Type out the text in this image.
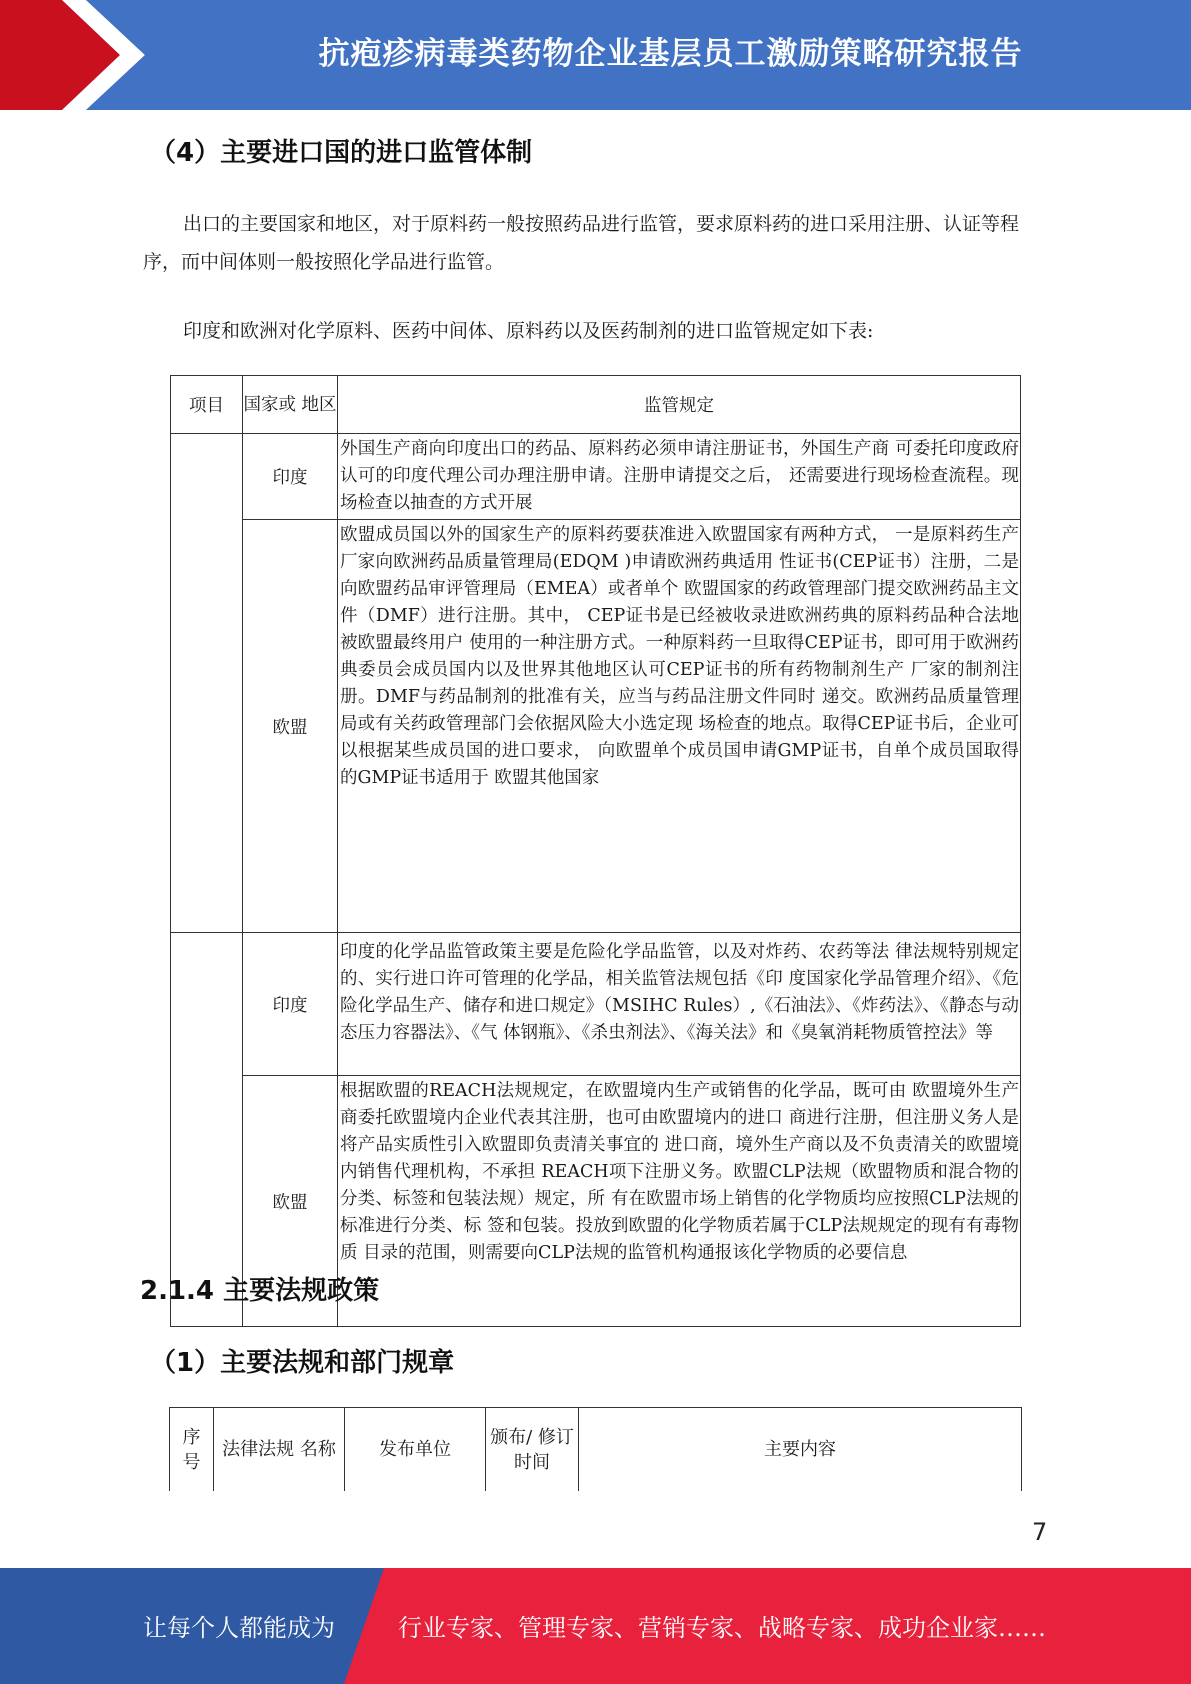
抗疱疹病毒类药物企业基层员工激励策略研究报告
（4）主要进口国的进口监管体制

出口的主要国家和地区，对于原料药一般按照药品进行监管，要求原料药的进口采用注册、认证等程序，而中间体则一般按照化学品进行监管。

印度和欧洲对化学原料、医药中间体、原料药以及医药制剂的进口监管规定如下表:

项目	国家或 地区	监管规定
	印度	外国生产商向印度出口的药品、原料药必须申请注册证书，外国生产商 可委托印度政府认可的印度代理公司办理注册申请。注册申请提交之后， 还需要进行现场检查流程。现场检查以抽查的方式开展
	欧盟	欧盟成员国以外的国家生产的原料药要获准进入欧盟国家有两种方式， 一是原料药生产厂家向欧洲药品质量管理局(EDQM )申请欧洲药典适用 性证书(CEP证书）注册，二是向欧盟药品审评管理局（EMEA）或者单个 欧盟国家的药政管理部门提交欧洲药品主文件（DMF）进行注册。其中， CEP证书是已经被收录进欧洲药典的原料药品种合法地被欧盟最终用户 使用的一种注册方式。一种原料药一旦取得CEP证书，即可用于欧洲药 典委员会成员国内以及世界其他地区认可CEP证书的所有药物制剂生产 厂家的制剂注册。DMF与药品制剂的批准有关，应当与药品注册文件同时 递交。欧洲药品质量管理局或有关药政管理部门会依据风险大小选定现 场检查的地点。取得CEP证书后，企业可以根据某些成员国的进口要求， 向欧盟单个成员国申请GMP证书，自单个成员国取得的GMP证书适用于 欧盟其他国家
	印度	印度的化学品监管政策主要是危险化学品监管，以及对炸药、农药等法 律法规特别规定的、实行进口许可管理的化学品，相关监管法规包括《印 度国家化学品管理介绍》、《危险化学品生产、储存和进口规定》（MSIHC Rules）,《石油法》、《炸药法》、《静态与动态压力容器法》、《气 体钢瓶》、《杀虫剂法》、《海关法》和《臭氧消耗物质管控法》等
	欧盟	根据欧盟的REACH法规规定，在欧盟境内生产或销售的化学品，既可由 欧盟境外生产商委托欧盟境内企业代表其注册，也可由欧盟境内的进口 商进行注册，但注册义务人是将产品实质性引入欧盟即负责清关事宜的 进口商，境外生产商以及不负责清关的欧盟境内销售代理机构，不承担 REACH项下注册义务。欧盟CLP法规（欧盟物质和混合物的分类、标签和包装法规）规定，所 有在欧盟市场上销售的化学物质均应按照CLP法规的标准进行分类、标 签和包装。投放到欧盟的化学物质若属于CLP法规规定的现有有毒物质 目录的范围，则需要向CLP法规的监管机构通报该化学物质的必要信息
2.1.4 主要法规政策
（1）主要法规和部门规章
序 号	法律法规 名称	发布单位	颁布/ 修订 时间	主要内容
7
让每个人都能成为	行业专家、管理专家、营销专家、战略专家、成功企业家……
